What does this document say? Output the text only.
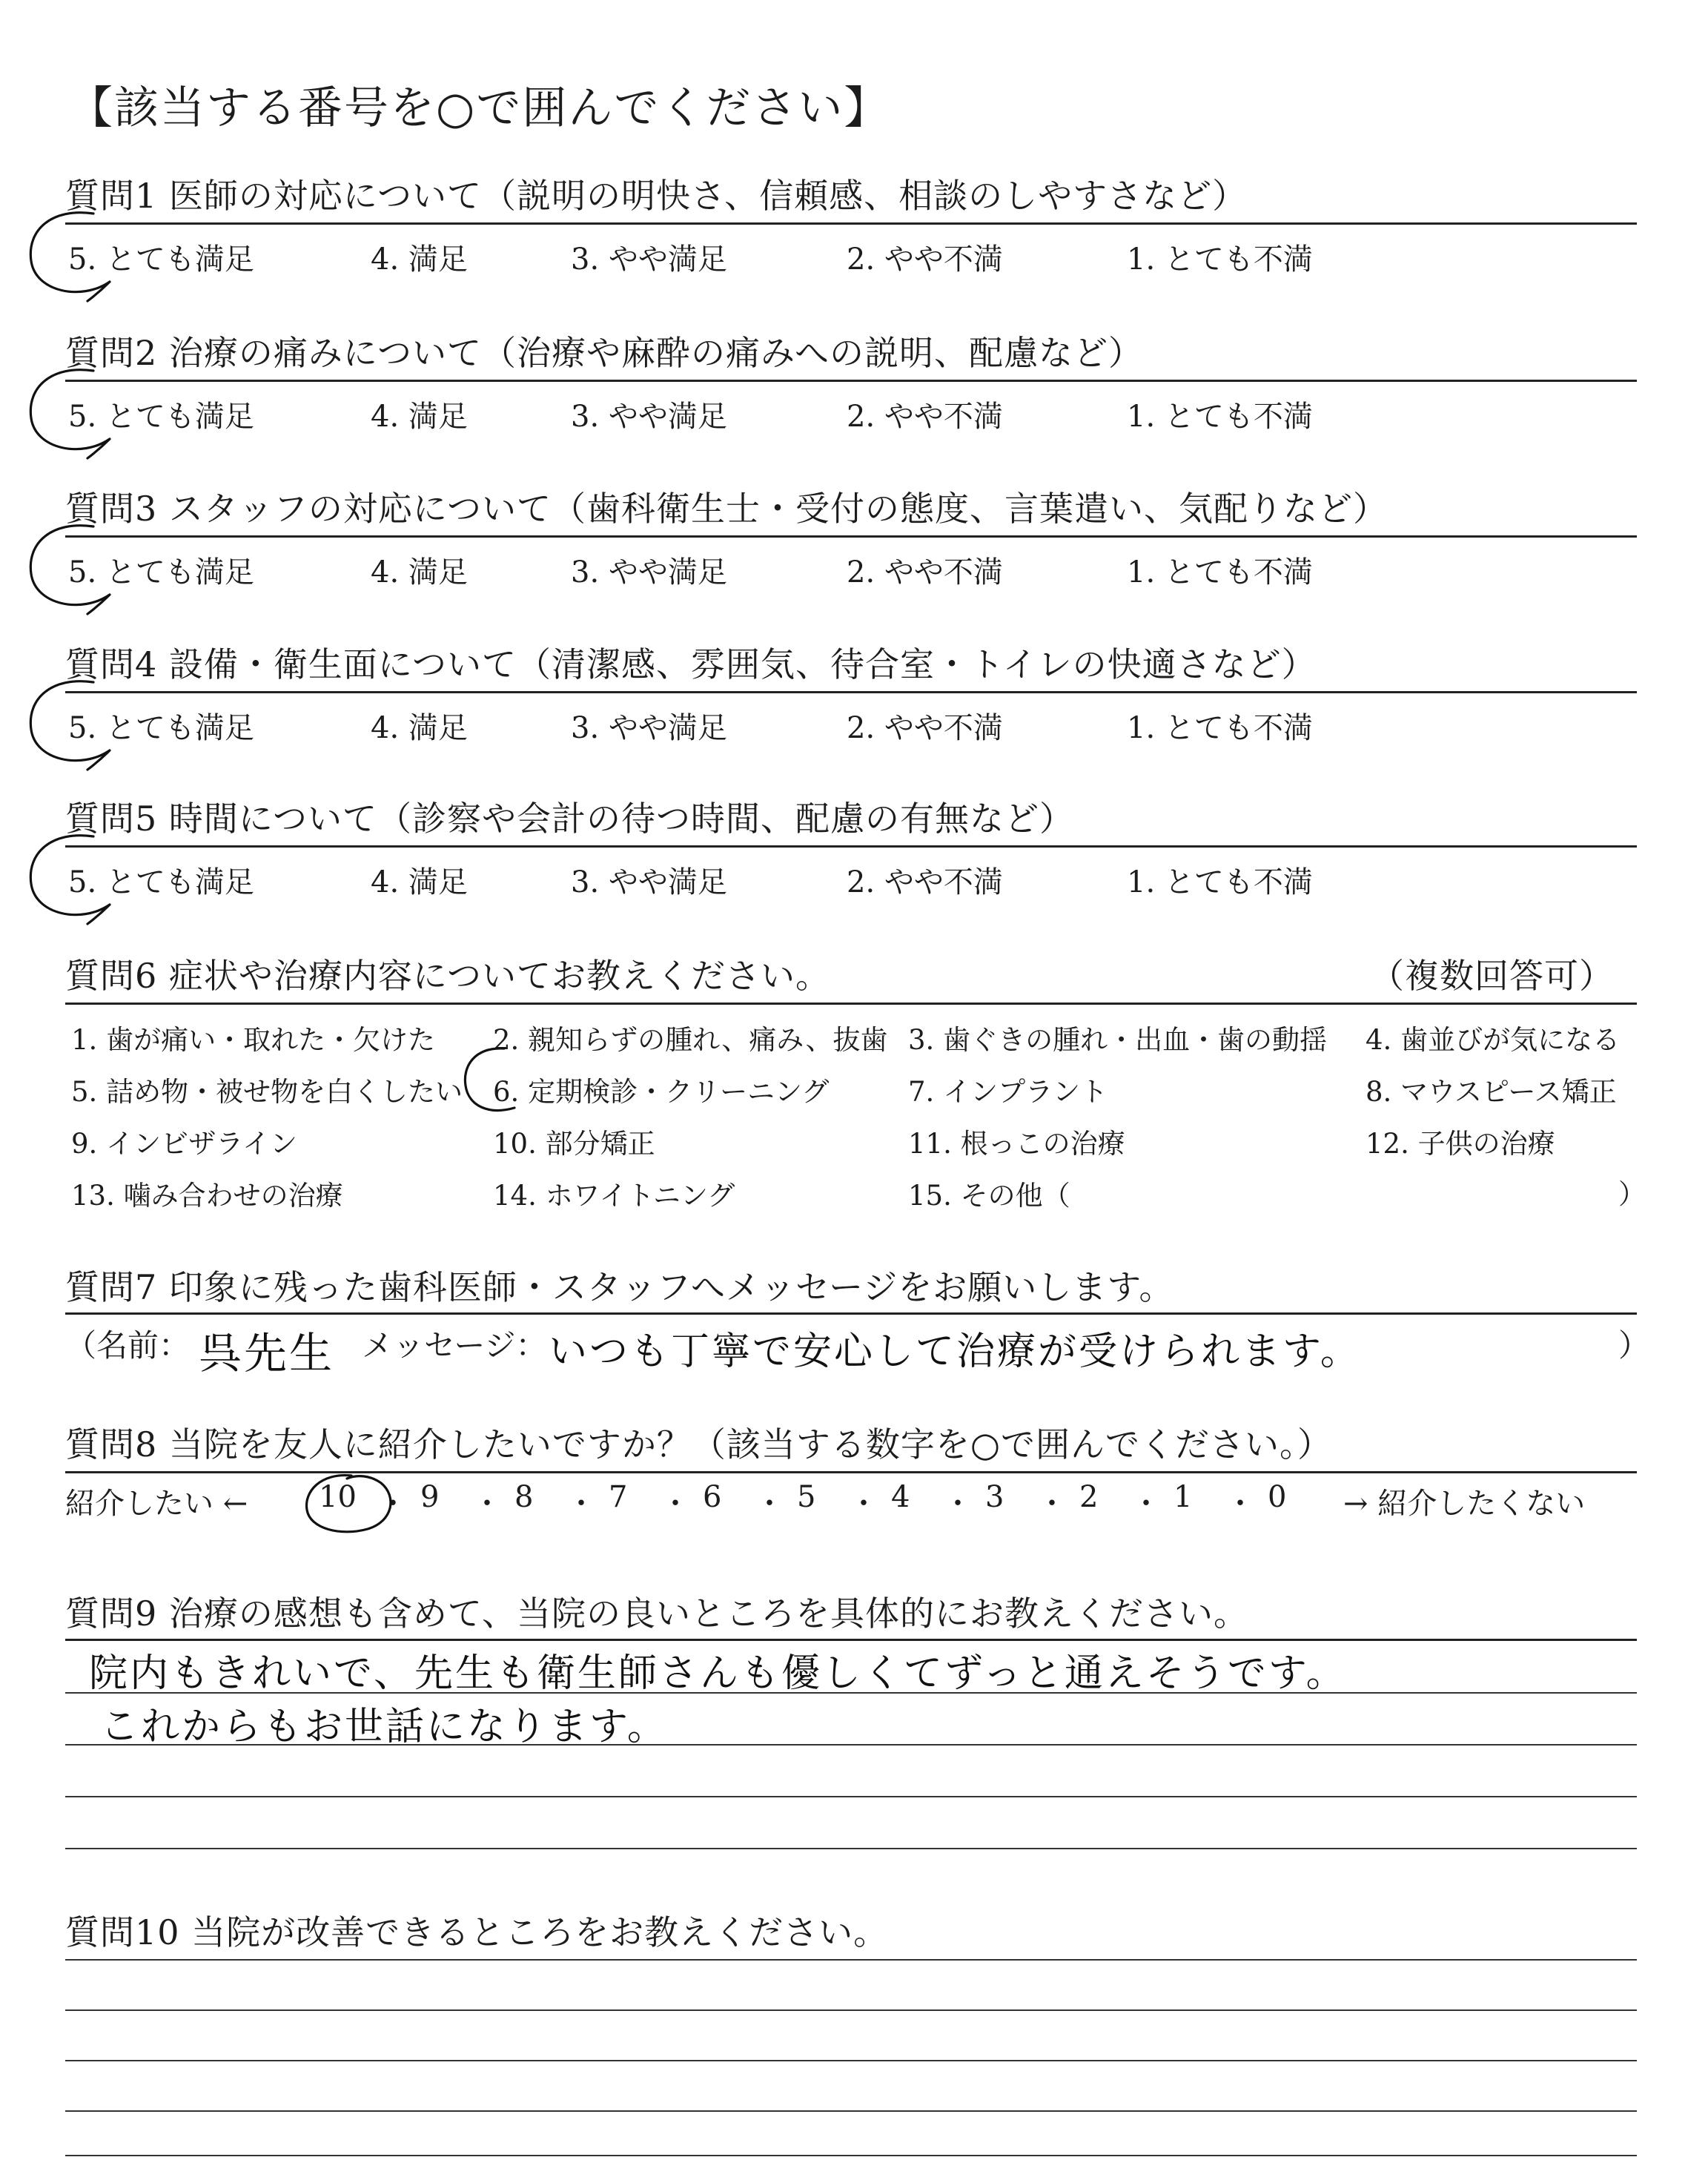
【該当する番号を○で囲んでください】
質問1 医師の対応について（説明の明快さ、信頼感、相談のしやすさなど）
5. とても満足	4. 満足	3. やや満足	2. やや不満	1. とても不満
質問2 治療の痛みについて（治療や麻酔の痛みへの説明、配慮など）
5. とても満足	4. 満足	3. やや満足	2. やや不満	1. とても不満
質問3 スタッフの対応について（歯科衛生士・受付の態度、言葉遣い、気配りなど）
5. とても満足	4. 満足	3. やや満足	2. やや不満	1. とても不満
質問4 設備・衛生面について（清潔感、雰囲気、待合室・トイレの快適さなど）
5. とても満足	4. 満足	3. やや満足	2. やや不満	1. とても不満
質問5 時間について（診察や会計の待つ時間、配慮の有無など）
5. とても満足	4. 満足	3. やや満足	2. やや不満	1. とても不満
質問6 症状や治療内容についてお教えください。	（複数回答可）
1. 歯が痛い・取れた・欠けた 2. 親知らずの腫れ、痛み、抜歯 3. 歯ぐきの腫れ・出血・歯の動揺 4. 歯並びが気になる
5. 詰め物・被せ物を白くしたい 6. 定期検診・クリーニング	7. インプラント	8. マウスピース矯正
9. インビザライン	10. 部分矯正	11. 根っこの治療	12. 子供の治療
13. 噛み合わせの治療	14. ホワイトニング	15. その他（	）
質問7 印象に残った歯科医師・スタッフへメッセージをお願いします。
（名前： 呉先生 メッセージ： いつも丁寧で安心して治療が受けられます。	）
質問8 当院を友人に紹介したいですか？（該当する数字を○で囲んでください。）
紹介したい ←	→ 紹介したくない
10 ・ 9 ・ 8 ・ 7 ・ 6 ・ 5 ・ 4 ・ 3 ・ 2 ・ 1 ・ 0
質問9 治療の感想も含めて、当院の良いところを具体的にお教えください。
院内もきれいで、先生も衛生師さんも優しくてずっと通えそうです。
これからもお世話になります。
質問10 当院が改善できるところをお教えください。
